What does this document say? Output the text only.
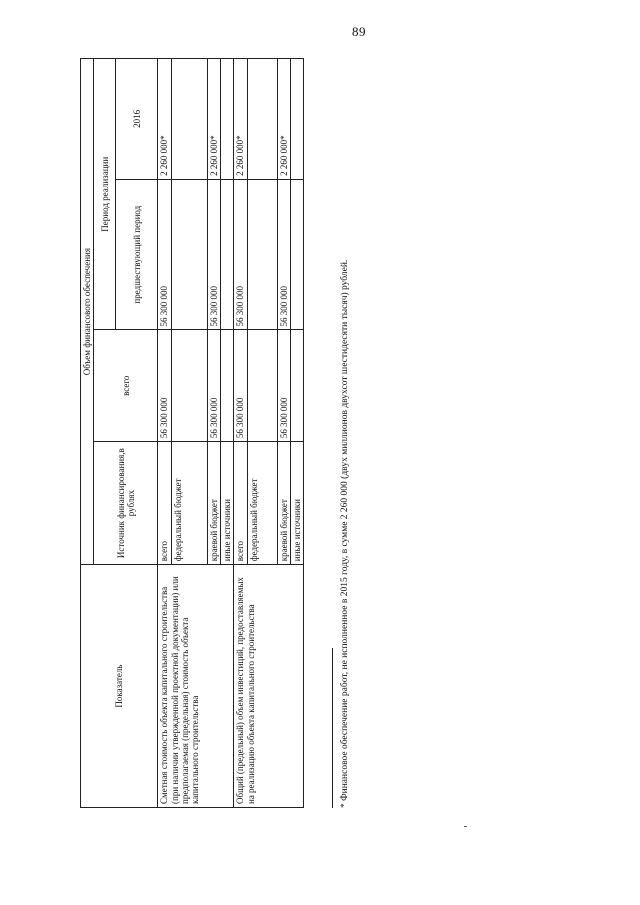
89
Показатель	Объем финансового обеспечения			
	Источник финансирования,в рублях	всего	Период реализации	
			предшествующий период	2016
Сметная стоимость объекта капитального строительства (при наличии утвержденной проектной документации) или предполагаемая (предельная) стоимость объекта капитального строительства	всего	56 300 000	56 300 000	2 260 000*
	федеральный бюджет			
	краевой бюджет	56 300 000	56 300 000	2 260 000*
	иные источники			
Общий (предельный) объем инвестиций, предоставляемых на реализацию объекта капитального строительства	всего	56 300 000	56 300 000	2 260 000*
	федеральный бюджет			
	краевой бюджет	56 300 000	56 300 000	2 260 000*
	иные источники				* Финансовое обеспечение работ, не исполненное в 2015 году, в сумме 2 260 000 (двух миллионов двухсот шестидесяти тысяч) рублей.
